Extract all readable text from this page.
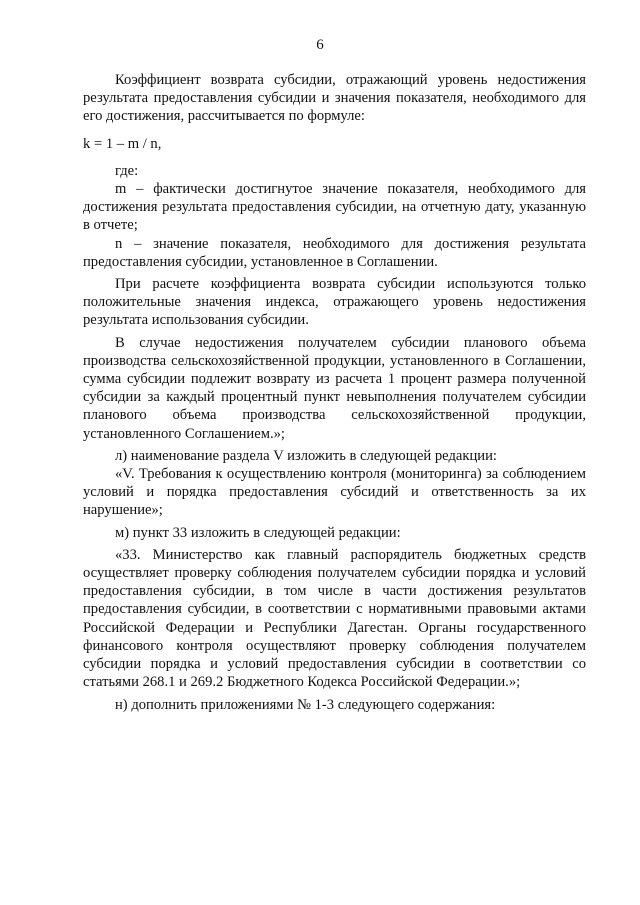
6

Коэффициент возврата субсидии, отражающий уровень недостижения результата предоставления субсидии и значения показателя, необходимого для его достижения, рассчитывается по формуле:

k = 1 – m / n,

где:

m – фактически достигнутое значение показателя, необходимого для достижения результата предоставления субсидии, на отчетную дату, указанную в отчете;

n – значение показателя, необходимого для достижения результата предоставления субсидии, установленное в Соглашении.

При расчете коэффициента возврата субсидии используются только положительные значения индекса, отражающего уровень недостижения результата использования субсидии.

В случае недостижения получателем субсидии планового объема производства сельскохозяйственной продукции, установленного в Соглашении, сумма субсидии подлежит возврату из расчета 1 процент размера полученной субсидии за каждый процентный пункт невыполнения получателем субсидии планового объема производства сельскохозяйственной продукции, установленного Соглашением.»;

л) наименование раздела V изложить в следующей редакции:

«V. Требования к осуществлению контроля (мониторинга) за соблюдением условий и порядка предоставления субсидий и ответственность за их нарушение»;

м) пункт 33 изложить в следующей редакции:

«33. Министерство как главный распорядитель бюджетных средств осуществляет проверку соблюдения получателем субсидии порядка и условий предоставления субсидии, в том числе в части достижения результатов предоставления субсидии, в соответствии с нормативными правовыми актами Российской Федерации и Республики Дагестан. Органы государственного финансового контроля осуществляют проверку соблюдения получателем субсидии порядка и условий предоставления субсидии в соответствии со статьями 268.1 и 269.2 Бюджетного Кодекса Российской Федерации.»;

н) дополнить приложениями № 1-3 следующего содержания:
